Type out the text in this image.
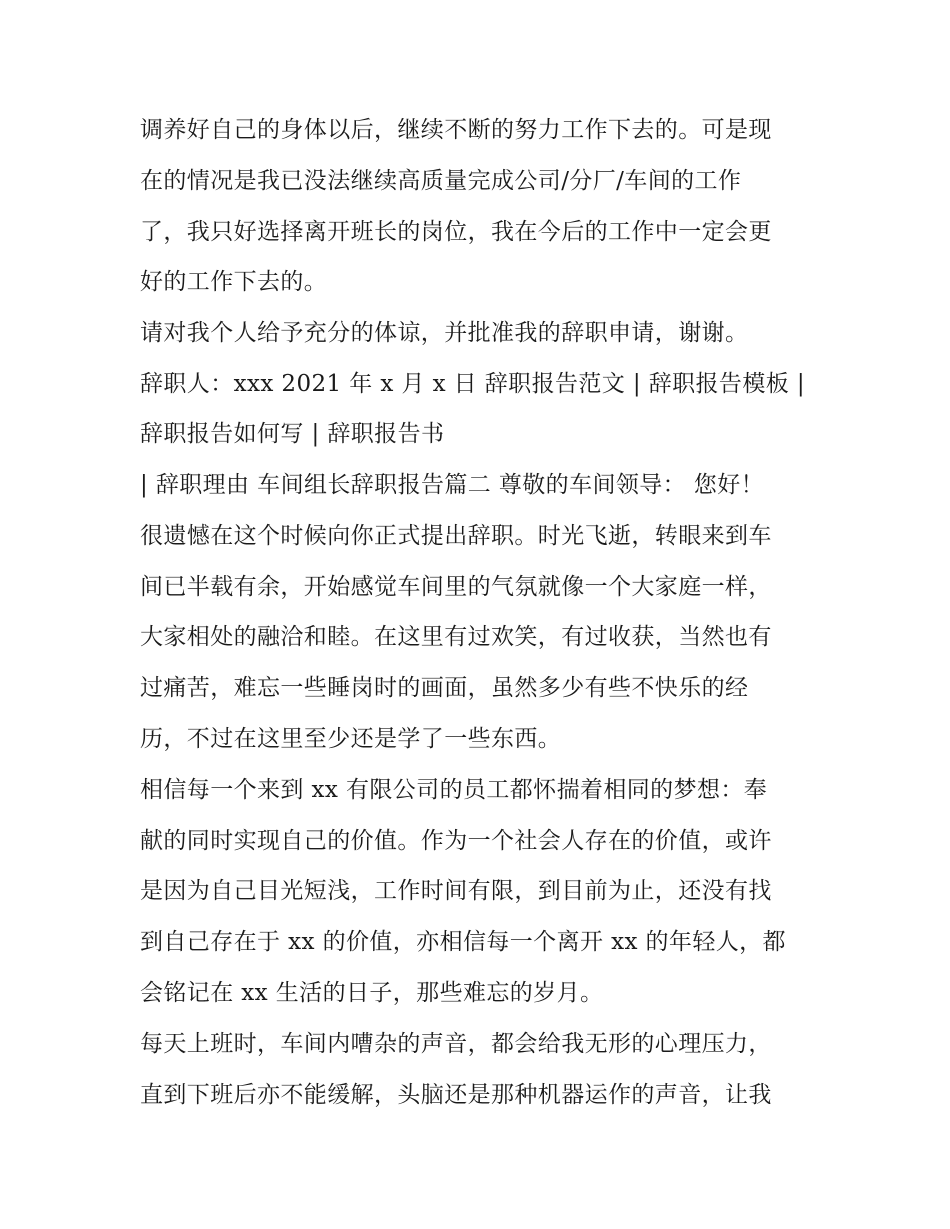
调养好自己的身体以后，继续不断的努力工作下去的。可是现
在的情况是我已没法继续高质量完成公司/分厂/车间的工作
了，我只好选择离开班长的岗位，我在今后的工作中一定会更
好的工作下去的。
请对我个人给予充分的体谅，并批准我的辞职申请，谢谢。
辞职人：xxx 2021 年 x 月 x 日 辞职报告范文 | 辞职报告模板 |
辞职报告如何写 | 辞职报告书
| 辞职理由 车间组长辞职报告篇二 尊敬的车间领导： 您好！
很遗憾在这个时候向你正式提出辞职。时光飞逝，转眼来到车
间已半载有余，开始感觉车间里的气氛就像一个大家庭一样，
大家相处的融洽和睦。在这里有过欢笑，有过收获，当然也有
过痛苦，难忘一些睡岗时的画面，虽然多少有些不快乐的经
历，不过在这里至少还是学了一些东西。
相信每一个来到 xx 有限公司的员工都怀揣着相同的梦想：奉
献的同时实现自己的价值。作为一个社会人存在的价值，或许
是因为自己目光短浅，工作时间有限，到目前为止，还没有找
到自己存在于 xx 的价值，亦相信每一个离开 xx 的年轻人，都
会铭记在 xx 生活的日子，那些难忘的岁月。
每天上班时，车间内嘈杂的声音，都会给我无形的心理压力，
直到下班后亦不能缓解，头脑还是那种机器运作的声音，让我
